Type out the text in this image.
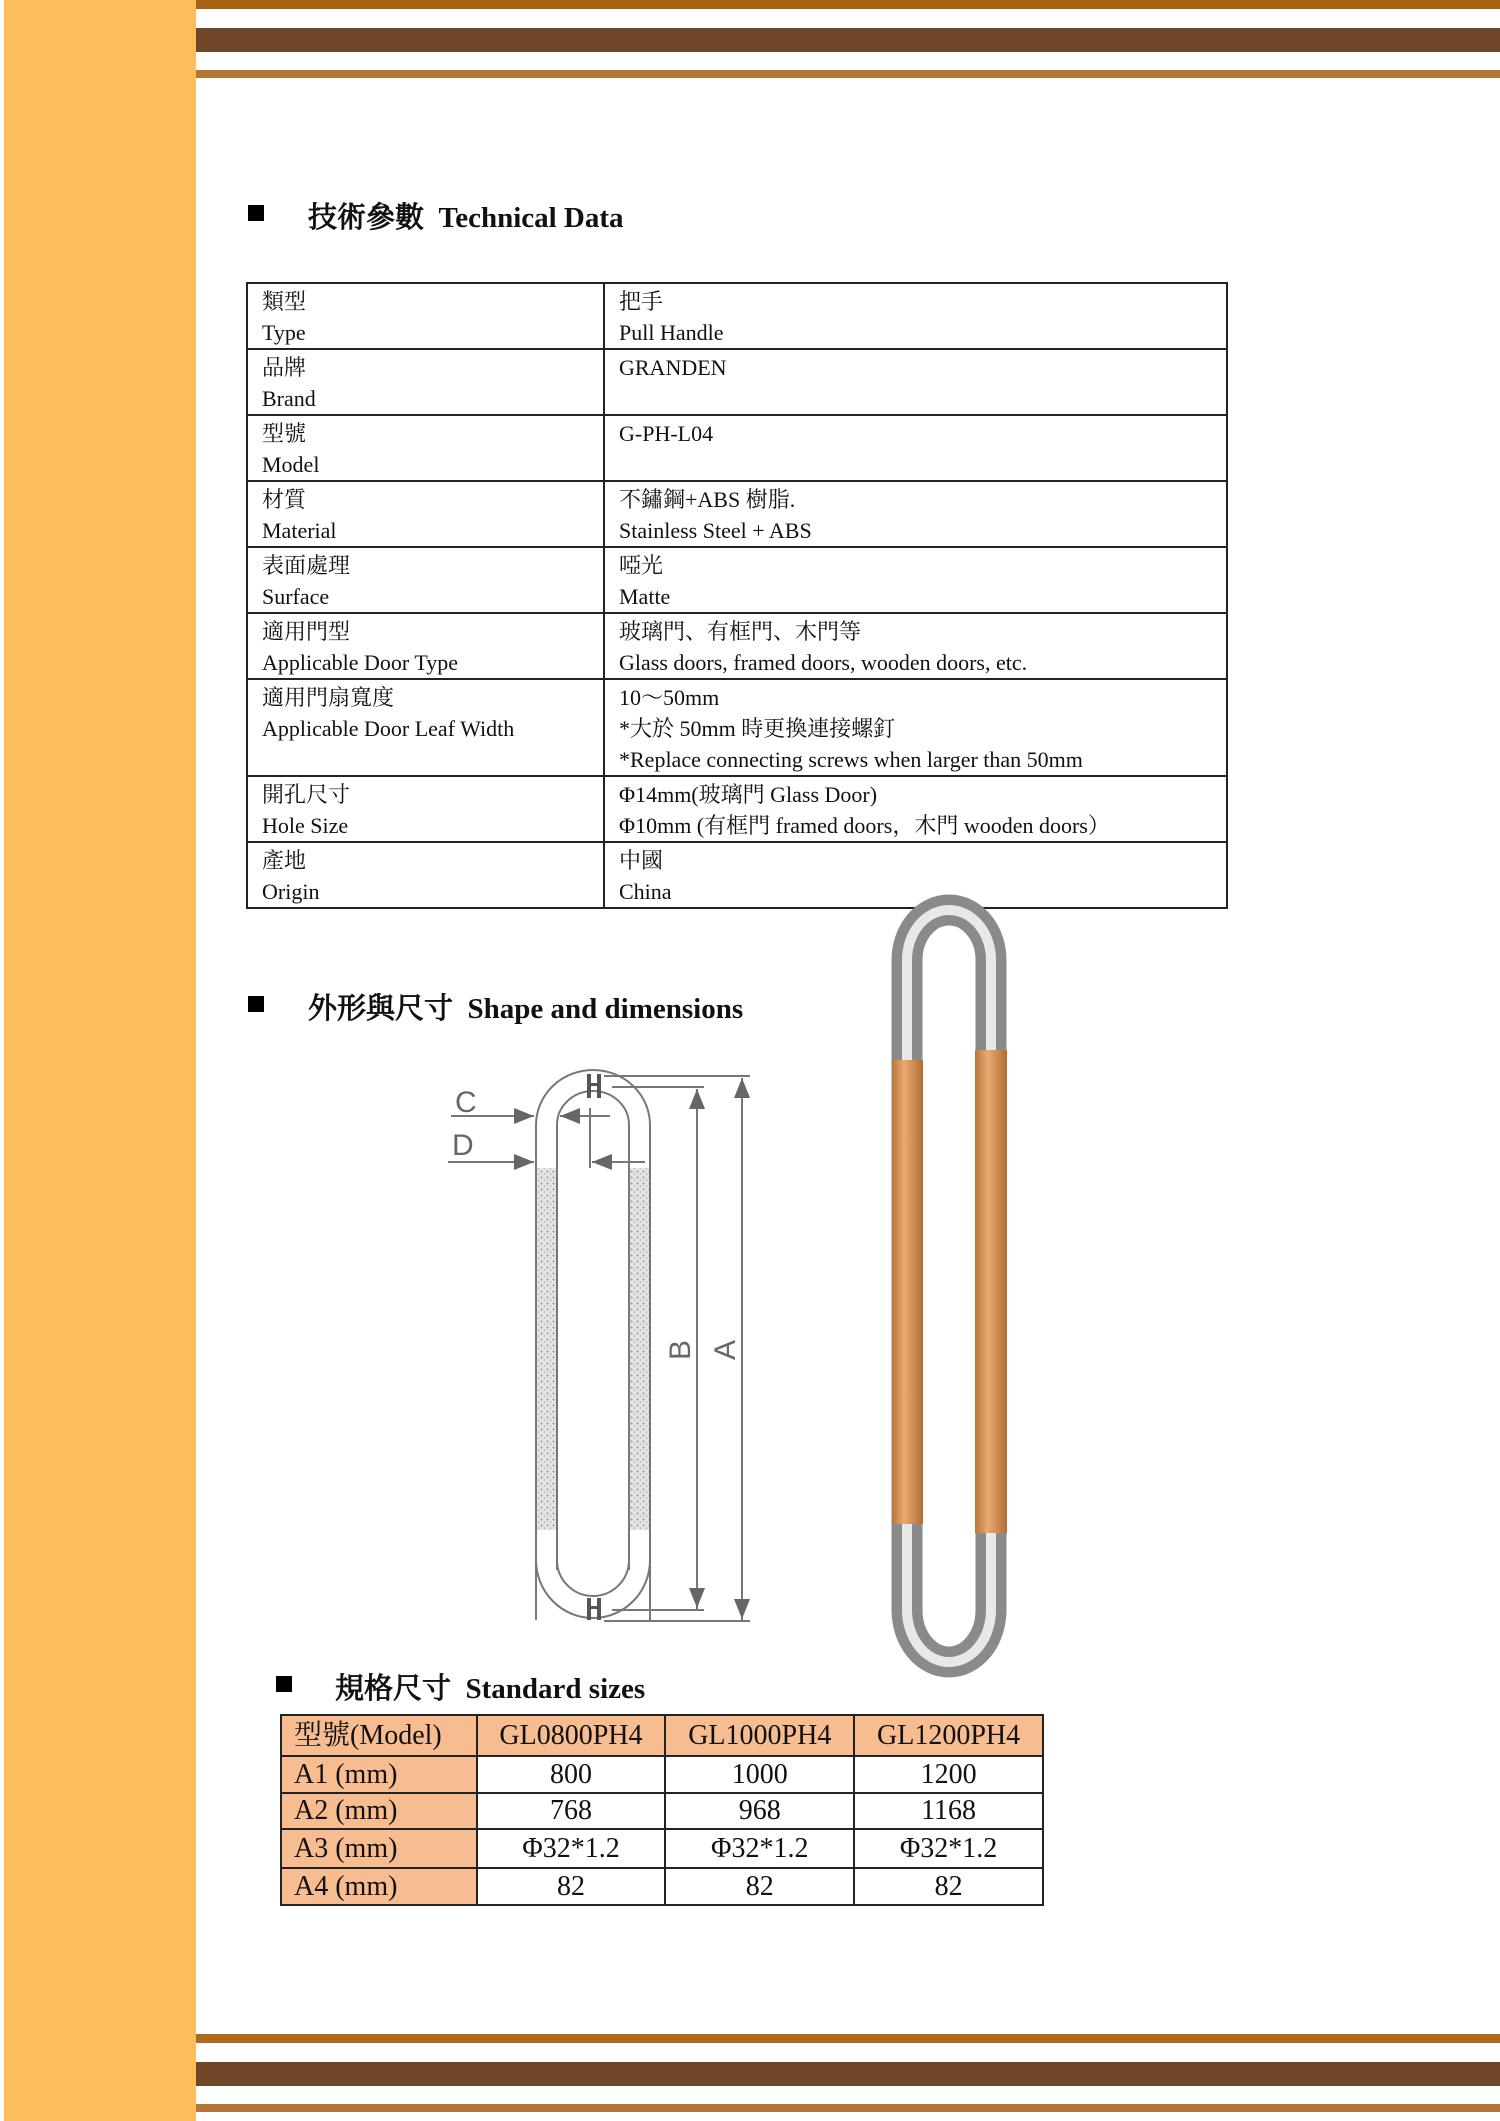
技術參數 Technical Data
類型
Type	把手
Pull Handle

品牌
Brand	GRANDEN

型號
Model	G-PH-L04

材質
Material	不鏽鋼+ABS 樹脂.
Stainless Steel + ABS

表面處理
Surface	啞光
Matte

適用門型
Applicable Door Type	玻璃門、有框門、木門等
Glass doors, framed doors, wooden doors, etc.

適用門扇寬度
Applicable Door Leaf Width	10～50mm
*大於 50mm 時更換連接螺釘
*Replace connecting screws when larger than 50mm

開孔尺寸
Hole Size	Φ14mm(玻璃門 Glass Door)
Φ10mm (有框門 framed doors，木門 wooden doors）

產地
Origin	中國
China
外形與尺寸 Shape and dimensions
C
D
B A
規格尺寸 Standard sizes
型號(Model)	GL0800PH4	GL1000PH4	GL1200PH4
A1 (mm)	800	1000	1200
A2 (mm)	768	968	1168
A3 (mm)	Φ32*1.2	Φ32*1.2	Φ32*1.2
A4 (mm)	82	82	82
